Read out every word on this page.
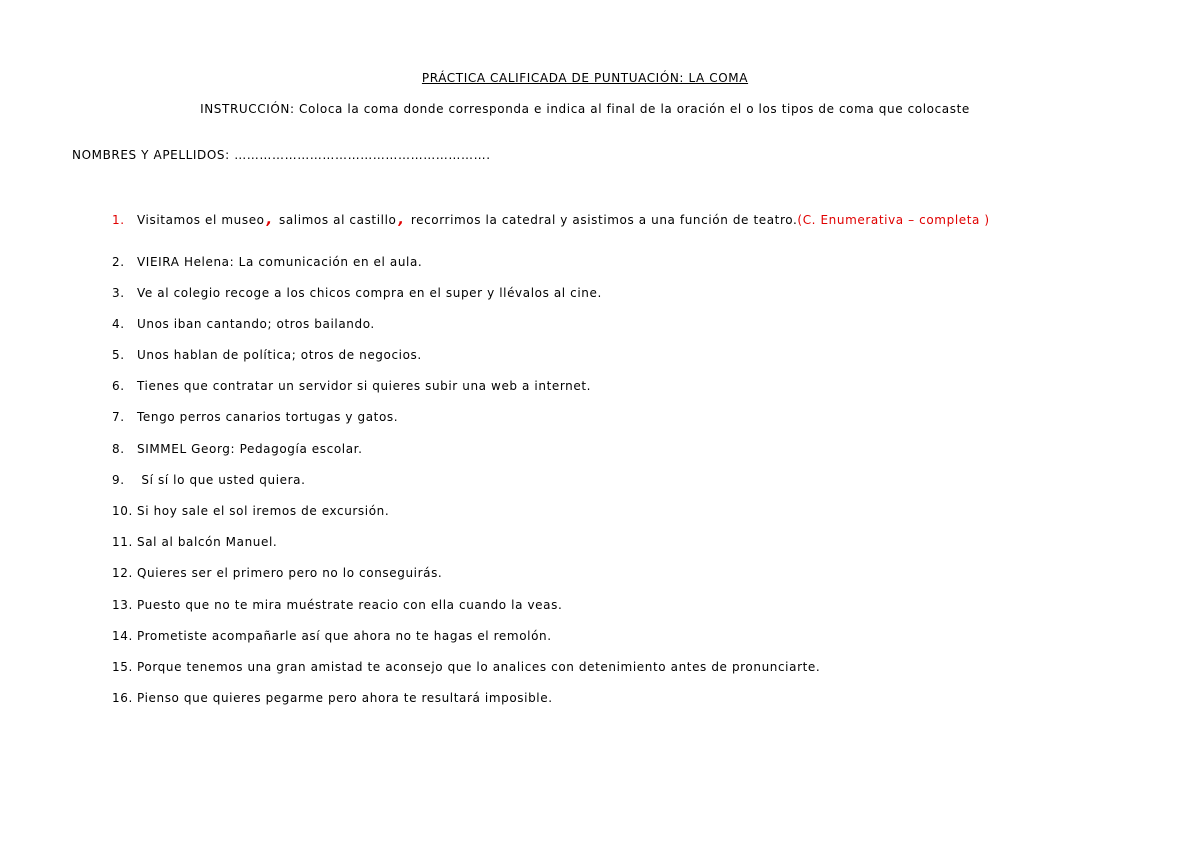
PRÁCTICA CALIFICADA DE PUNTUACIÓN: LA COMA
INSTRUCCIÓN: Coloca la coma donde corresponda e indica al final de la oración el o los tipos de coma que colocaste
NOMBRES Y APELLIDOS: …………………………………………………….
1. Visitamos el museo , salimos al castillo , recorrimos la catedral y asistimos a una función de teatro.(C. Enumerativa – completa )
2. VIEIRA Helena: La comunicación en el aula.
3. Ve al colegio recoge a los chicos compra en el super y llévalos al cine.
4. Unos iban cantando; otros bailando.
5. Unos hablan de política; otros de negocios.
6. Tienes que contratar un servidor si quieres subir una web a internet.
7. Tengo perros canarios tortugas y gatos.
8. SIMMEL Georg: Pedagogía escolar.
9. Sí sí lo que usted quiera.
10. Si hoy sale el sol iremos de excursión.
11. Sal al balcón Manuel.
12. Quieres ser el primero pero no lo conseguirás.
13. Puesto que no te mira muéstrate reacio con ella cuando la veas.
14. Prometiste acompañarle así que ahora no te hagas el remolón.
15. Porque tenemos una gran amistad te aconsejo que lo analices con detenimiento antes de pronunciarte.
16. Pienso que quieres pegarme pero ahora te resultará imposible.
